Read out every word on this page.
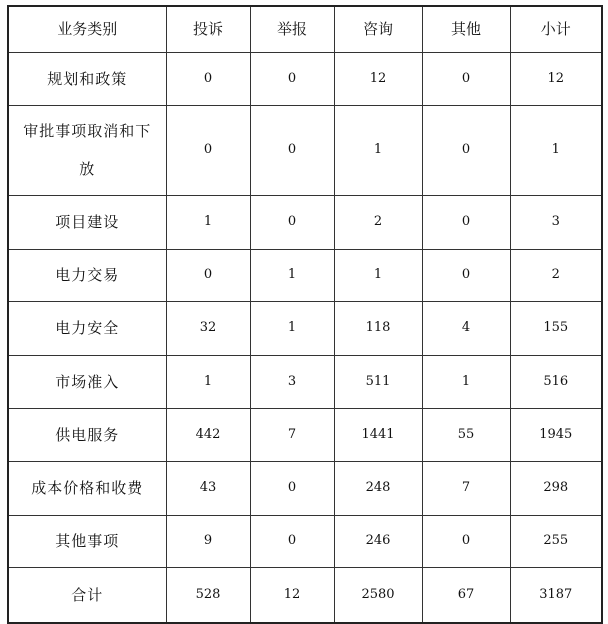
业务类别	投诉	举报	咨询	其他	小计
规划和政策	0	0	12	0	12
审批事项取消和下放	0	0	1	0	1
项目建设	1	0	2	0	3
电力交易	0	1	1	0	2
电力安全	32	1	118	4	155
市场准入	1	3	511	1	516
供电服务	442	7	1441	55	1945
成本价格和收费	43	0	248	7	298
其他事项	9	0	246	0	255
合计	528	12	2580	67	3187
